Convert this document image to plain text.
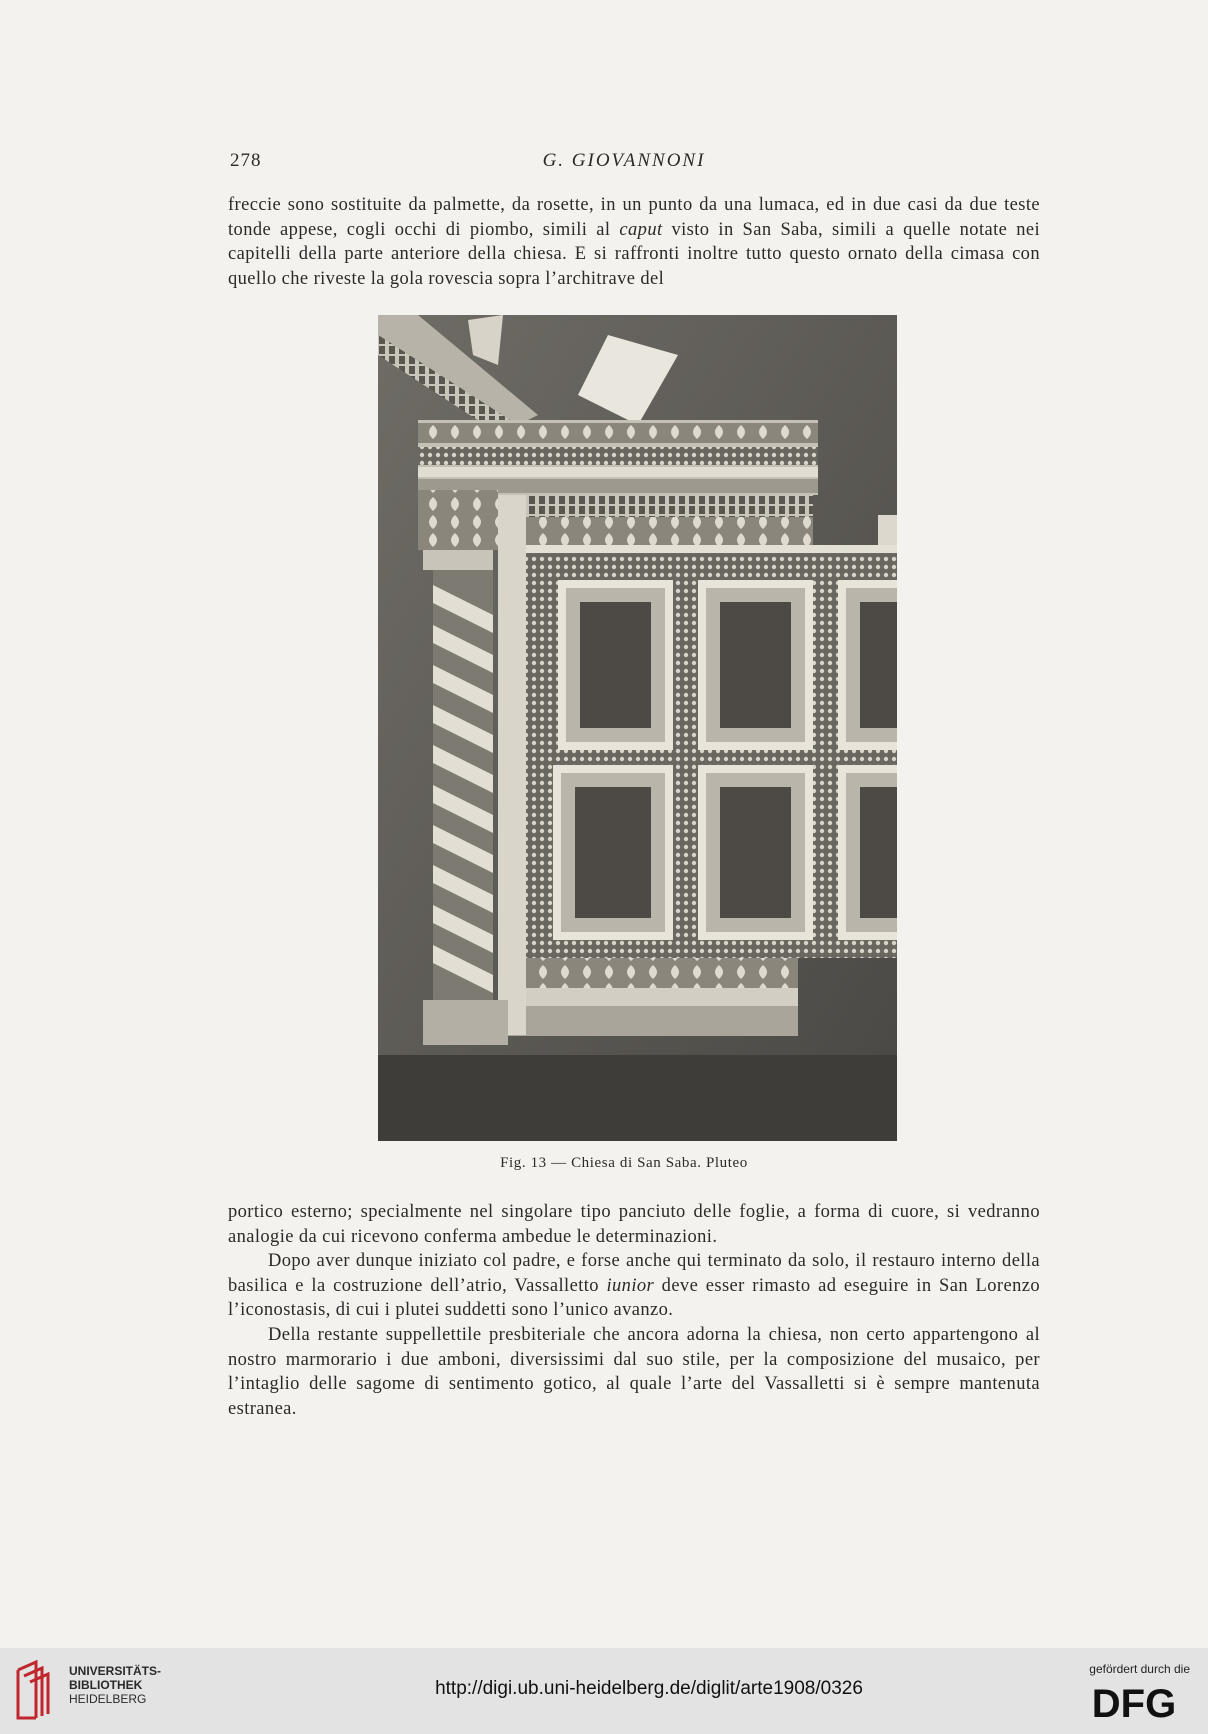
278	G. GIOVANNONI

freccie sono sostituite da palmette, da rosette, in un punto da una lumaca, ed in due casi da due teste tonde appese, cogli occhi di piombo, simili al caput visto in San Saba, simili a quelle notate nei capitelli della parte anteriore della chiesa. E si raffronti inoltre tutto questo ornato della cimasa con quello che riveste la gola rovescia sopra l’architrave del

Fig. 13 — Chiesa di San Saba. Pluteo

portico esterno; specialmente nel singolare tipo panciuto delle foglie, a forma di cuore, si vedranno analogie da cui ricevono conferma ambedue le determinazioni.

Dopo aver dunque iniziato col padre, e forse anche qui terminato da solo, il restauro interno della basilica e la costruzione dell’atrio, Vassalletto iunior deve esser rimasto ad eseguire in San Lorenzo l’iconostasis, di cui i plutei suddetti sono l’unico avanzo.

Della restante suppellettile presbiteriale che ancora adorna la chiesa, non certo appartengono al nostro marmorario i due amboni, diversissimi dal suo stile, per la composizione del musaico, per l’intaglio delle sagome di sentimento gotico, al quale l’arte del Vassalletti si è sempre mantenuta estranea.

UNIVERSITÄTS-
BIBLIOTHEK
HEIDELBERG	http://digi.ub.uni-heidelberg.de/diglit/arte1908/0326
gefördert durch die
DFG
